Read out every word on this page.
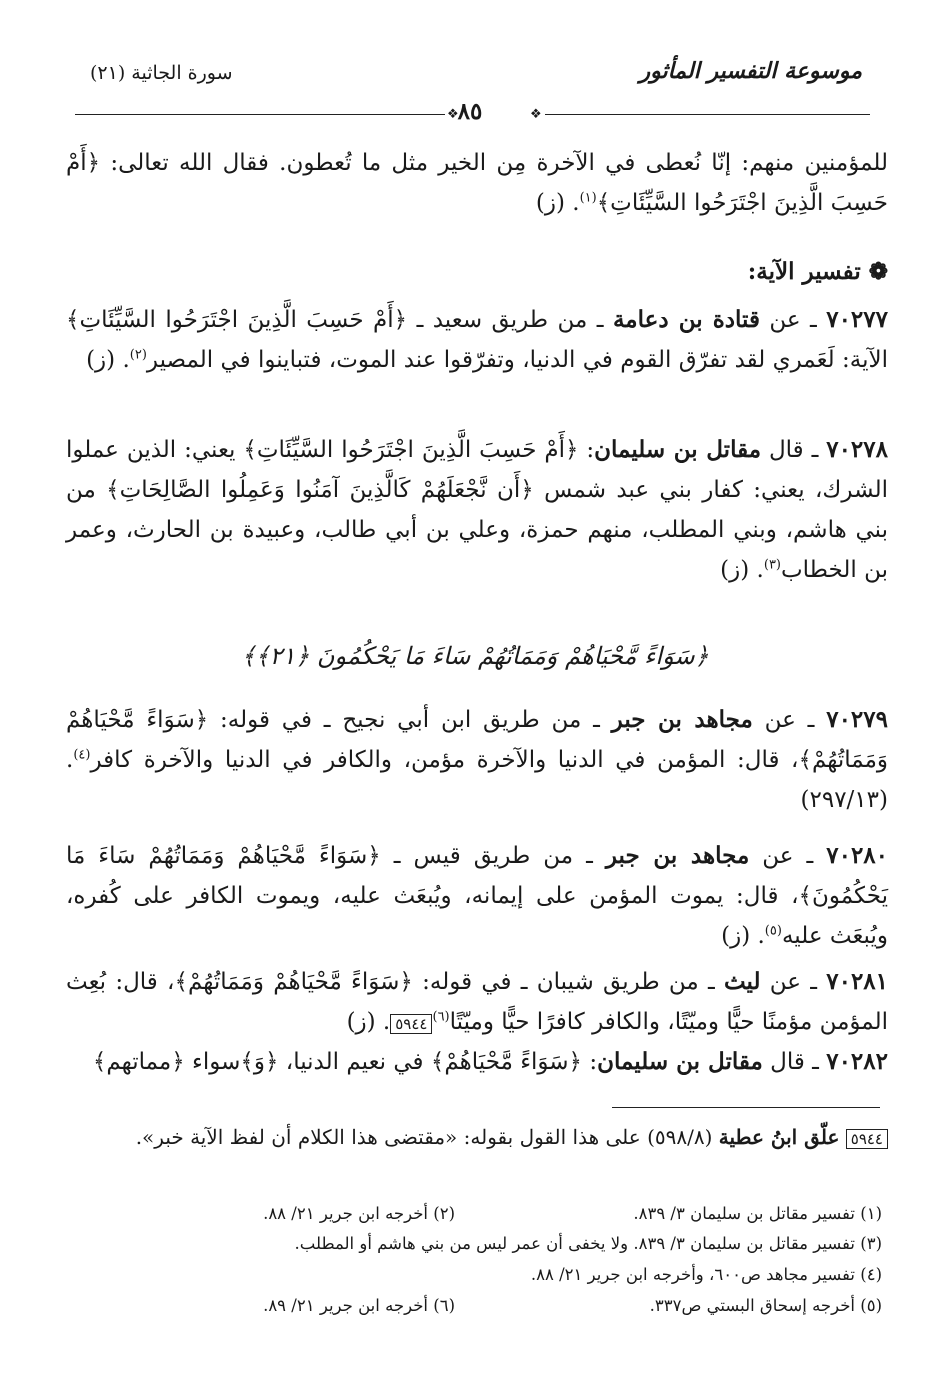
سورة الجاثية (٢١)	موسوعة التفسير المأثور
❖	❖
٨٥
للمؤمنين منهم: إنّا نُعطى في الآخرة مِن الخير مثل ما تُعطون. فقال الله تعالى: ﴿أَمْ حَسِبَ الَّذِينَ اجْتَرَحُوا السَّيِّئَاتِ﴾$^{(١)}$. (ز)
❁ تفسير الآية:
٧٠٢٧٧ ـ عن قتادة بن دعامة ـ من طريق سعيد ـ ﴿أَمْ حَسِبَ الَّذِينَ اجْتَرَحُوا السَّيِّئَاتِ﴾ الآية: لَعَمري لقد تفرّق القوم في الدنيا، وتفرّقوا عند الموت، فتباينوا في المصير$^{(٢)}$. (ز)
٧٠٢٧٨ ـ قال مقاتل بن سليمان: ﴿أَمْ حَسِبَ الَّذِينَ اجْتَرَحُوا السَّيِّئَاتِ﴾ يعني: الذين عملوا الشرك، يعني: كفار بني عبد شمس ﴿أَن نَّجْعَلَهُمْ كَالَّذِينَ آمَنُوا وَعَمِلُوا الصَّالِحَاتِ﴾ من بني هاشم، وبني المطلب، منهم حمزة، وعلي بن أبي طالب، وعبيدة بن الحارث، وعمر بن الخطاب$^{(٣)}$. (ز)
﴿سَوَاءً مَّحْيَاهُمْ وَمَمَاتُهُمْ سَاءَ مَا يَحْكُمُونَ ﴿٢١﴾﴾
٧٠٢٧٩ ـ عن مجاهد بن جبر ـ من طريق ابن أبي نجيح ـ في قوله: ﴿سَوَاءً مَّحْيَاهُمْ وَمَمَاتُهُمْ﴾، قال: المؤمن في الدنيا والآخرة مؤمن، والكافر في الدنيا والآخرة كافر$^{(٤)}$. (٢٩٧/١٣)
٧٠٢٨٠ ـ عن مجاهد بن جبر ـ من طريق قيس ـ ﴿سَوَاءً مَّحْيَاهُمْ وَمَمَاتُهُمْ سَاءَ مَا يَحْكُمُونَ﴾، قال: يموت المؤمن على إيمانه، ويُبعَث عليه، ويموت الكافر على كُفره، ويُبعَث عليه$^{(٥)}$. (ز)
٧٠٢٨١ ـ عن ليث ـ من طريق شيبان ـ في قوله: ﴿سَوَاءً مَّحْيَاهُمْ وَمَمَاتُهُمْ﴾، قال: بُعِث المؤمن مؤمنًا حيًّا وميّتًا، والكافر كافرًا حيًّا وميّتًا$^{(٦)}$٥٩٤٤. (ز)
٧٠٢٨٢ ـ قال مقاتل بن سليمان: ﴿سَوَاءً مَّحْيَاهُمْ﴾ في نعيم الدنيا، ﴿وَ﴾سواء ﴿مماتهم﴾
٥٩٤٤ علّق ابنُ عطية (٥٩٨/٨) على هذا القول بقوله: «مقتضى هذا الكلام أن لفظ الآية خبر».
(١) تفسير مقاتل بن سليمان ٣/ ٨٣٩.
(٢) أخرجه ابن جرير ٢١/ ٨٨.
(٣) تفسير مقاتل بن سليمان ٣/ ٨٣٩. ولا يخفى أن عمر ليس من بني هاشم أو المطلب.
(٤) تفسير مجاهد ص٦٠٠، وأخرجه ابن جرير ٢١/ ٨٨.
(٥) أخرجه إسحاق البستي ص٣٣٧.
(٦) أخرجه ابن جرير ٢١/ ٨٩.
